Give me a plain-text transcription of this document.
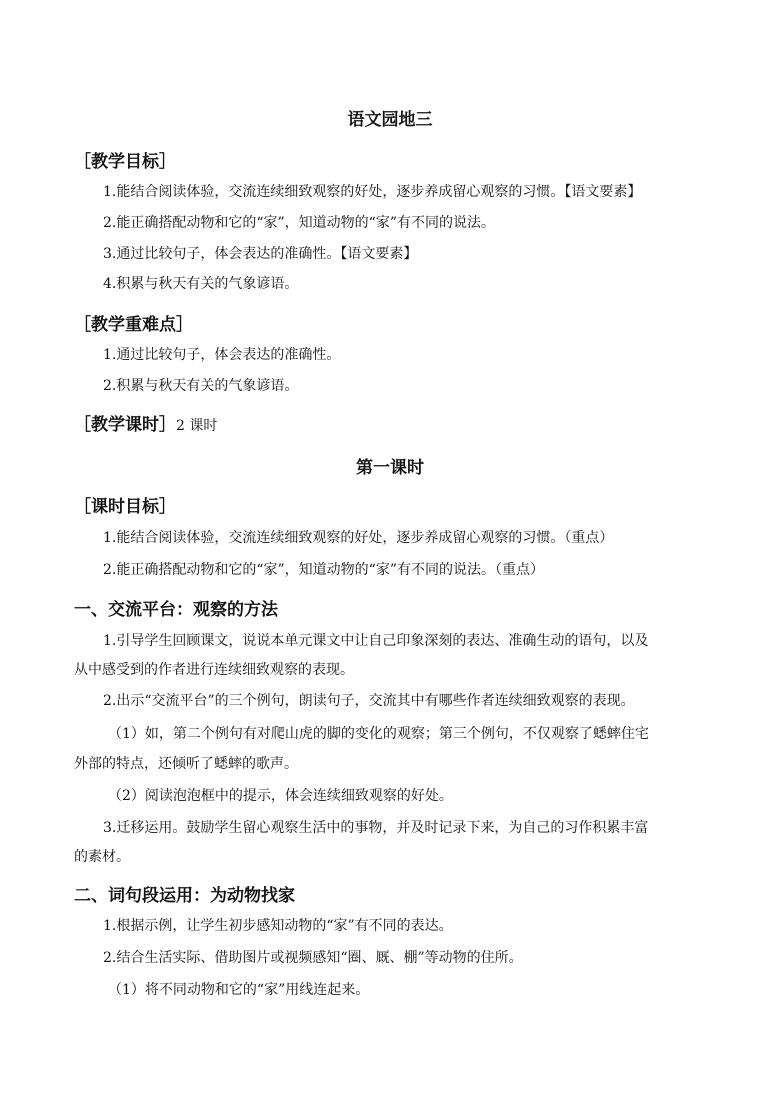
语文园地三
［教学目标］
1.能结合阅读体验，交流连续细致观察的好处，逐步养成留心观察的习惯。【语文要素】
2.能正确搭配动物和它的“家”，知道动物的“家”有不同的说法。
3.通过比较句子，体会表达的准确性。【语文要素】
4.积累与秋天有关的气象谚语。
［教学重难点］
1.通过比较句子，体会表达的准确性。
2.积累与秋天有关的气象谚语。
［教学课时］2 课时
第一课时
［课时目标］
1.能结合阅读体验，交流连续细致观察的好处，逐步养成留心观察的习惯。（重点）
2.能正确搭配动物和它的“家”，知道动物的“家”有不同的说法。（重点）
一、交流平台：观察的方法
1.引导学生回顾课文，说说本单元课文中让自己印象深刻的表达、准确生动的语句，以及
从中感受到的作者进行连续细致观察的表现。
2.出示“交流平台”的三个例句，朗读句子，交流其中有哪些作者连续细致观察的表现。
（1）如，第二个例句有对爬山虎的脚的变化的观察；第三个例句，不仅观察了蟋蟀住宅
外部的特点，还倾听了蟋蟀的歌声。
（2）阅读泡泡框中的提示，体会连续细致观察的好处。
3.迁移运用。鼓励学生留心观察生活中的事物，并及时记录下来，为自己的习作积累丰富
的素材。
二、词句段运用：为动物找家
1.根据示例，让学生初步感知动物的“家”有不同的表达。
2.结合生活实际、借助图片或视频感知“圈、厩、棚”等动物的住所。
（1）将不同动物和它的“家”用线连起来。
